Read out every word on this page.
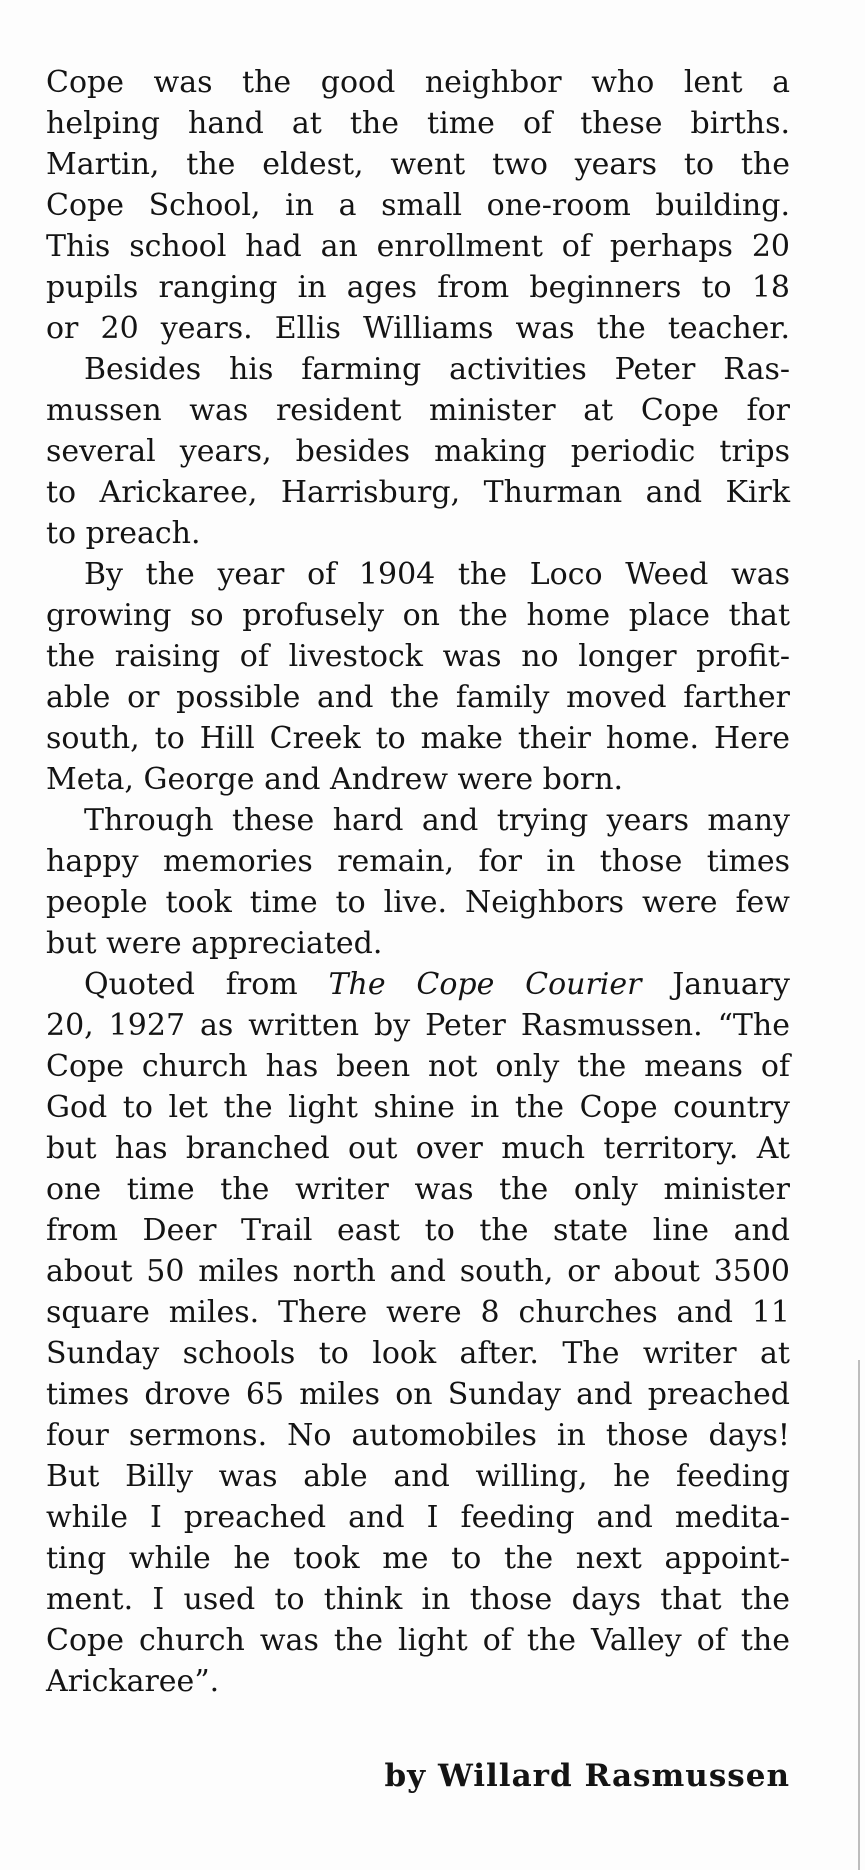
Cope was the good neighbor who lent a
helping hand at the time of these births.
Martin, the eldest, went two years to the
Cope School, in a small one-room building.
This school had an enrollment of perhaps 20
pupils ranging in ages from beginners to 18
or 20 years. Ellis Williams was the teacher.
Besides his farming activities Peter Ras-
mussen was resident minister at Cope for
several years, besides making periodic trips
to Arickaree, Harrisburg, Thurman and Kirk
to preach.
By the year of 1904 the Loco Weed was
growing so profusely on the home place that
the raising of livestock was no longer profit-
able or possible and the family moved farther
south, to Hill Creek to make their home. Here
Meta, George and Andrew were born.
Through these hard and trying years many
happy memories remain, for in those times
people took time to live. Neighbors were few
but were appreciated.
Quoted from The Cope Courier January
20, 1927 as written by Peter Rasmussen. “The
Cope church has been not only the means of
God to let the light shine in the Cope country
but has branched out over much territory. At
one time the writer was the only minister
from Deer Trail east to the state line and
about 50 miles north and south, or about 3500
square miles. There were 8 churches and 11
Sunday schools to look after. The writer at
times drove 65 miles on Sunday and preached
four sermons. No automobiles in those days!
But Billy was able and willing, he feeding
while I preached and I feeding and medita-
ting while he took me to the next appoint-
ment. I used to think in those days that the
Cope church was the light of the Valley of the
Arickaree”.
by Willard Rasmussen
